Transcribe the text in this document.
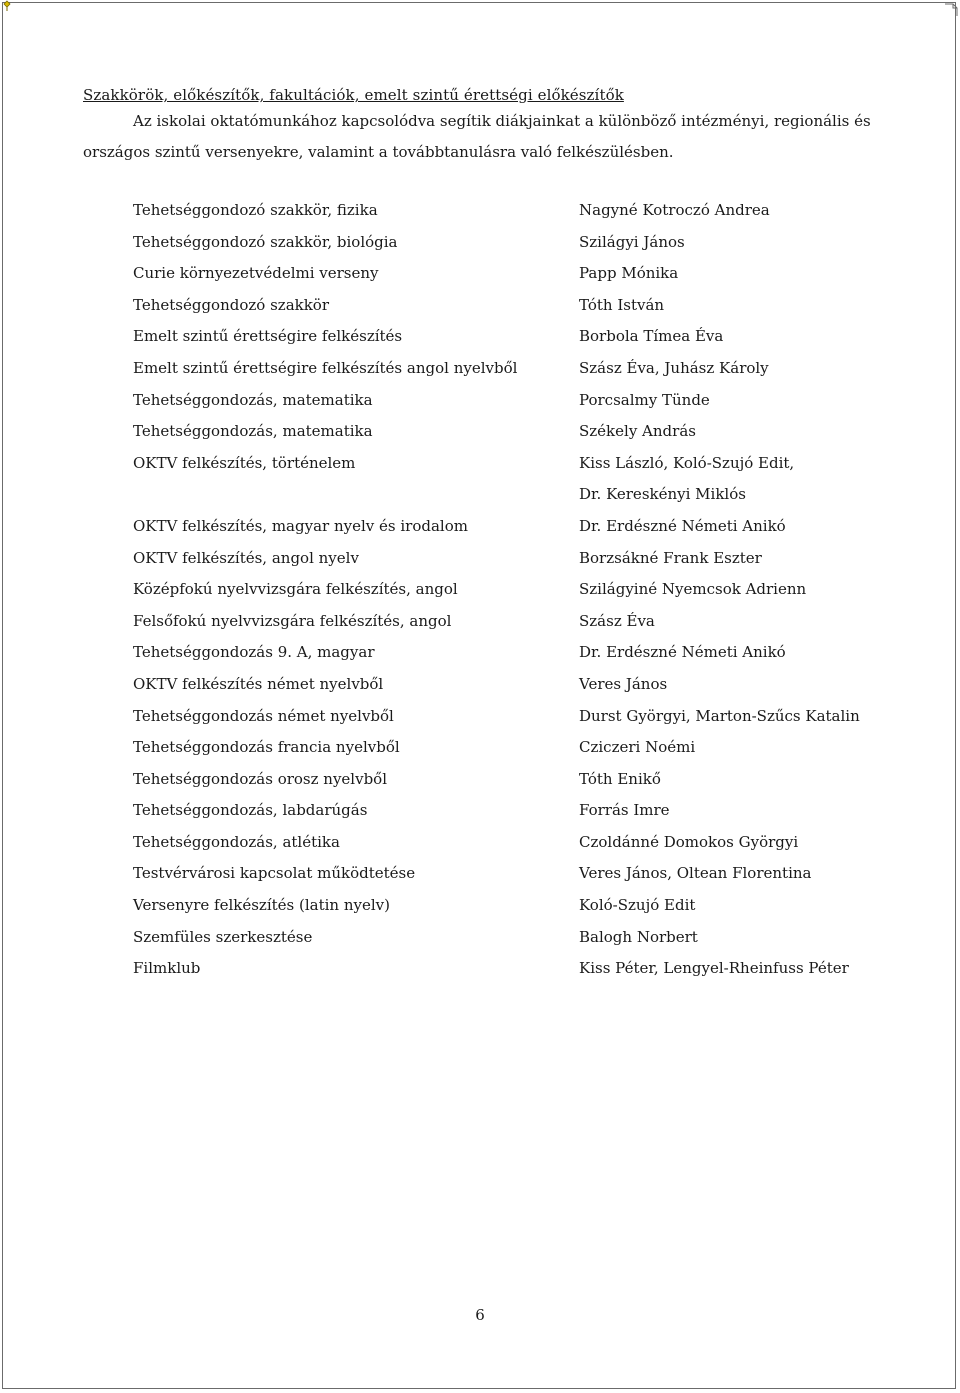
Szakkörök, előkészítők, fakultációk, emelt szintű érettségi előkészítők
Az iskolai oktatómunkához kapcsolódva segítik diákjainkat a különböző intézményi, regionális és
országos szintű versenyekre, valamint a továbbtanulásra való felkészülésben.
Tehetséggondozó szakkör, fizika	Nagyné Kotroczó Andrea
Tehetséggondozó szakkör, biológia	Szilágyi János
Curie környezetvédelmi verseny	Papp Mónika
Tehetséggondozó szakkör	Tóth István
Emelt szintű érettségire felkészítés	Borbola Tímea Éva
Emelt szintű érettségire felkészítés angol nyelvből	Szász Éva, Juhász Károly
Tehetséggondozás, matematika	Porcsalmy Tünde
Tehetséggondozás, matematika	Székely András
OKTV felkészítés, történelem	Kiss László, Koló-Szujó Edit,
Dr. Kereskényi Miklós
OKTV felkészítés, magyar nyelv és irodalom	Dr. Erdészné Németi Anikó
OKTV felkészítés, angol nyelv	Borzsákné Frank Eszter
Középfokú nyelvvizsgára felkészítés, angol	Szilágyiné Nyemcsok Adrienn
Felsőfokú nyelvvizsgára felkészítés, angol	Szász Éva
Tehetséggondozás 9. A, magyar	Dr. Erdészné Németi Anikó
OKTV felkészítés német nyelvből	Veres János
Tehetséggondozás német nyelvből	Durst Györgyi, Marton-Szűcs Katalin
Tehetséggondozás francia nyelvből	Cziczeri Noémi
Tehetséggondozás orosz nyelvből	Tóth Enikő
Tehetséggondozás, labdarúgás	Forrás Imre
Tehetséggondozás, atlétika	Czoldánné Domokos Györgyi
Testvérvárosi kapcsolat működtetése	Veres János, Oltean Florentina
Versenyre felkészítés (latin nyelv)	Koló-Szujó Edit
Szemfüles szerkesztése	Balogh Norbert
Filmklub	Kiss Péter, Lengyel-Rheinfuss Péter
6
